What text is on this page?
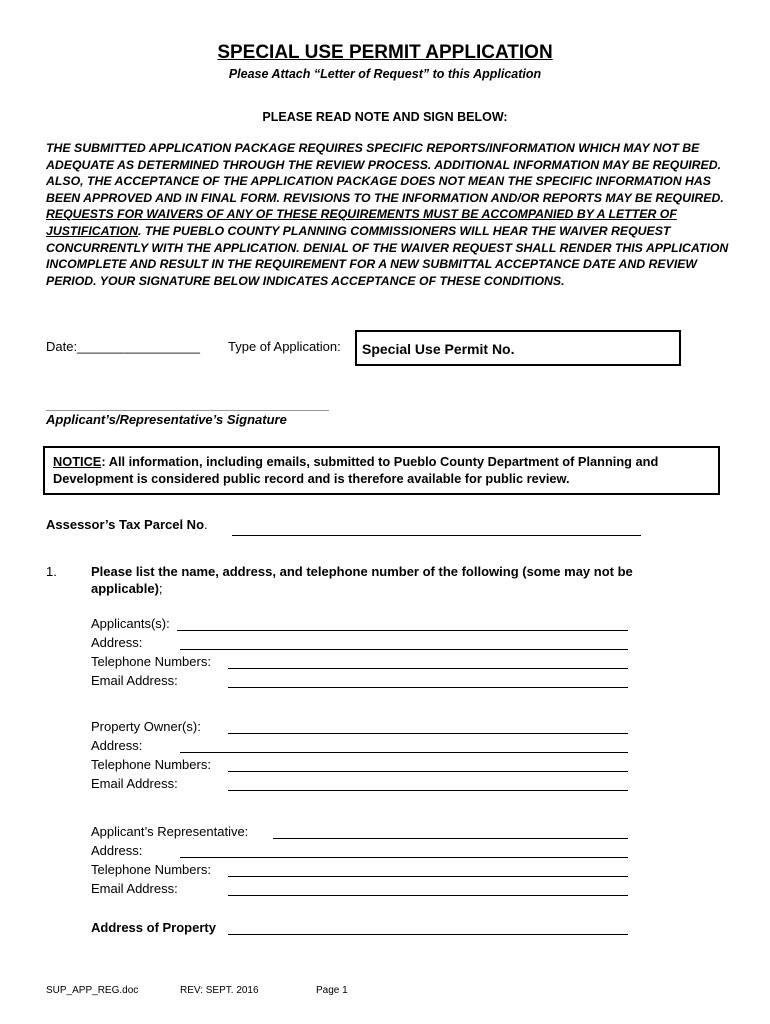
SPECIAL USE PERMIT APPLICATION
Please Attach “Letter of Request” to this Application
PLEASE READ NOTE AND SIGN BELOW:
THE SUBMITTED APPLICATION PACKAGE REQUIRES SPECIFIC REPORTS/INFORMATION WHICH MAY NOT BE ADEQUATE AS DETERMINED THROUGH THE REVIEW PROCESS. ADDITIONAL INFORMATION MAY BE REQUIRED. ALSO, THE ACCEPTANCE OF THE APPLICATION PACKAGE DOES NOT MEAN THE SPECIFIC INFORMATION HAS BEEN APPROVED AND IN FINAL FORM. REVISIONS TO THE INFORMATION AND/OR REPORTS MAY BE REQUIRED. REQUESTS FOR WAIVERS OF ANY OF THESE REQUIREMENTS MUST BE ACCOMPANIED BY A LETTER OF JUSTIFICATION. THE PUEBLO COUNTY PLANNING COMMISSIONERS WILL HEAR THE WAIVER REQUEST CONCURRENTLY WITH THE APPLICATION. DENIAL OF THE WAIVER REQUEST SHALL RENDER THIS APPLICATION INCOMPLETE AND RESULT IN THE REQUIREMENT FOR A NEW SUBMITTAL ACCEPTANCE DATE AND REVIEW PERIOD. YOUR SIGNATURE BELOW INDICATES ACCEPTANCE OF THESE CONDITIONS.
Date:_________________ Type of Application: Special Use Permit No.
Applicant’s/Representative’s Signature
NOTICE: All information, including emails, submitted to Pueblo County Department of Planning and Development is considered public record and is therefore available for public review.
Assessor’s Tax Parcel No.
1.	Please list the name, address, and telephone number of the following (some may not be applicable);
Applicants(s):
Address:
Telephone Numbers:
Email Address:
Property Owner(s):
Address:
Telephone Numbers:
Email Address:
Applicant’s Representative:
Address:
Telephone Numbers:
Email Address:
Address of Property
SUP_APP_REG.doc	REV: SEPT. 2016	Page 1
